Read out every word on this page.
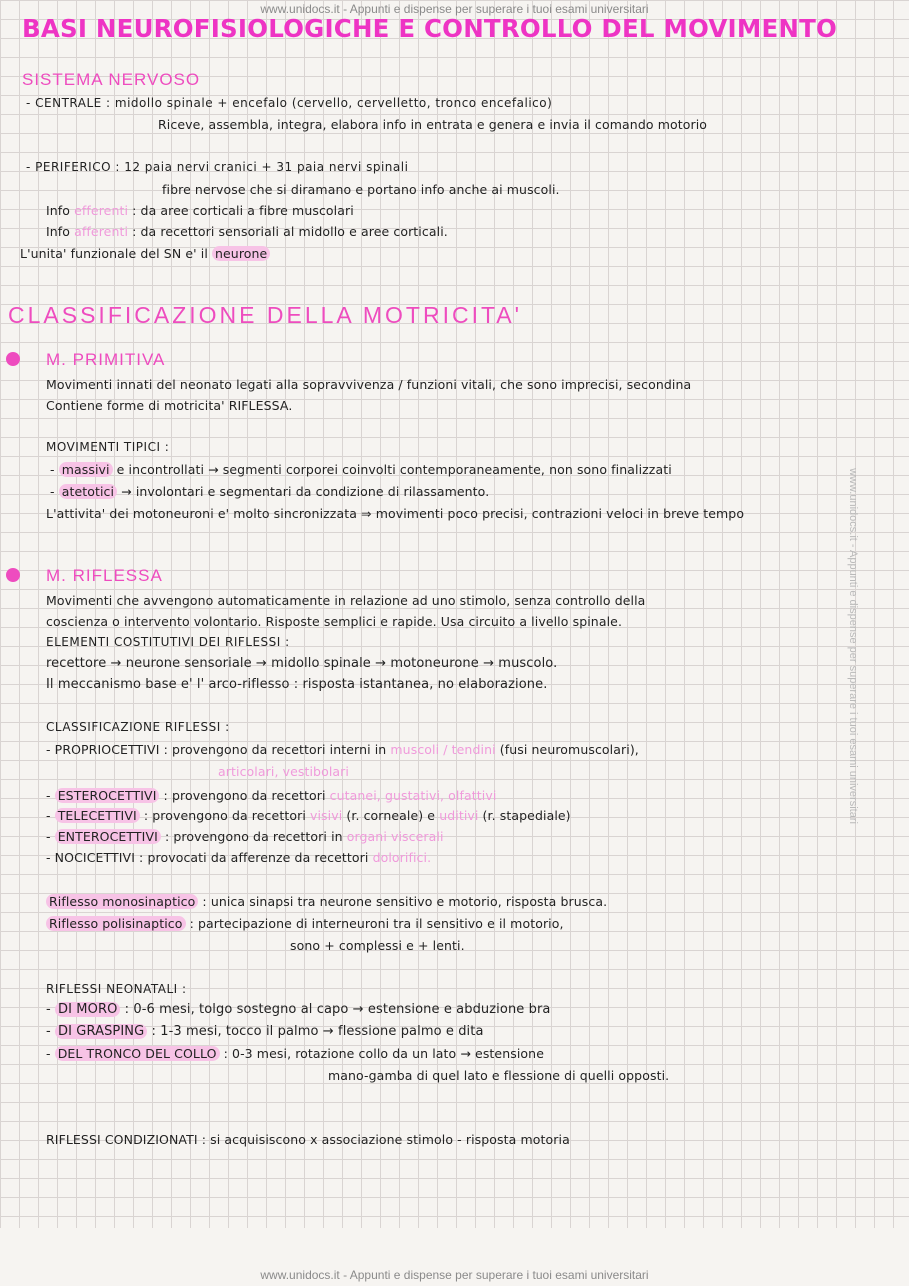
www.unidocs.it - Appunti e dispense per superare i tuoi esami universitari
www.unidocs.it - Appunti e dispense per superare i tuoi esami universitari
BASI NEUROFISIOLOGICHE E CONTROLLO DEL MOVIMENTO
SISTEMA NERVOSO
- CENTRALE : midollo spinale + encefalo (cervello, cervelletto, tronco encefalico)
Riceve, assembla, integra, elabora info in entrata e genera e invia il comando motorio
- PERIFERICO : 12 paia nervi cranici + 31 paia nervi spinali
fibre nervose che si diramano e portano info anche ai muscoli.
Info efferenti : da aree corticali a fibre muscolari
Info afferenti : da recettori sensoriali al midollo e aree corticali.
L'unita' funzionale del SN e' il neurone
CLASSIFICAZIONE DELLA MOTRICITA'
M. PRIMITIVA
Movimenti innati del neonato legati alla sopravvivenza / funzioni vitali, che sono imprecisi, secondina
Contiene forme di motricita' RIFLESSA.
MOVIMENTI TIPICI :
- massivi e incontrollati → segmenti corporei coinvolti contemporaneamente, non sono finalizzati
- atetotici → involontari e segmentari da condizione di rilassamento.
L'attivita' dei motoneuroni e' molto sincronizzata ⇒ movimenti poco precisi, contrazioni veloci in breve tempo
M. RIFLESSA
Movimenti che avvengono automaticamente in relazione ad uno stimolo, senza controllo della
coscienza o intervento volontario. Risposte semplici e rapide. Usa circuito a livello spinale.
ELEMENTI COSTITUTIVI DEI RIFLESSI :
recettore → neurone sensoriale → midollo spinale → motoneurone → muscolo.
Il meccanismo base e' l' arco-riflesso : risposta istantanea, no elaborazione.
CLASSIFICAZIONE RIFLESSI :
- PROPRIOCETTIVI : provengono da recettori interni in muscoli / tendini (fusi neuromuscolari),
articolari, vestibolari
- ESTEROCETTIVI : provengono da recettori cutanei, gustativi, olfattivi
- TELECETTIVI : provengono da recettori visivi (r. corneale) e uditivi (r. stapediale)
- ENTEROCETTIVI : provengono da recettori in organi viscerali
- NOCICETTIVI : provocati da afferenze da recettori dolorifici.
Riflesso monosinaptico : unica sinapsi tra neurone sensitivo e motorio, risposta brusca.
Riflesso polisinaptico : partecipazione di interneuroni tra il sensitivo e il motorio,
sono + complessi e + lenti.
RIFLESSI NEONATALI :
- DI MORO : 0-6 mesi, tolgo sostegno al capo → estensione e abduzione bra
- DI GRASPING : 1-3 mesi, tocco il palmo → flessione palmo e dita
- DEL TRONCO DEL COLLO : 0-3 mesi, rotazione collo da un lato → estensione
mano-gamba di quel lato e flessione di quelli opposti.
RIFLESSI CONDIZIONATI : si acquisiscono x associazione stimolo - risposta motoria
www.unidocs.it - Appunti e dispense per superare i tuoi esami universitari
